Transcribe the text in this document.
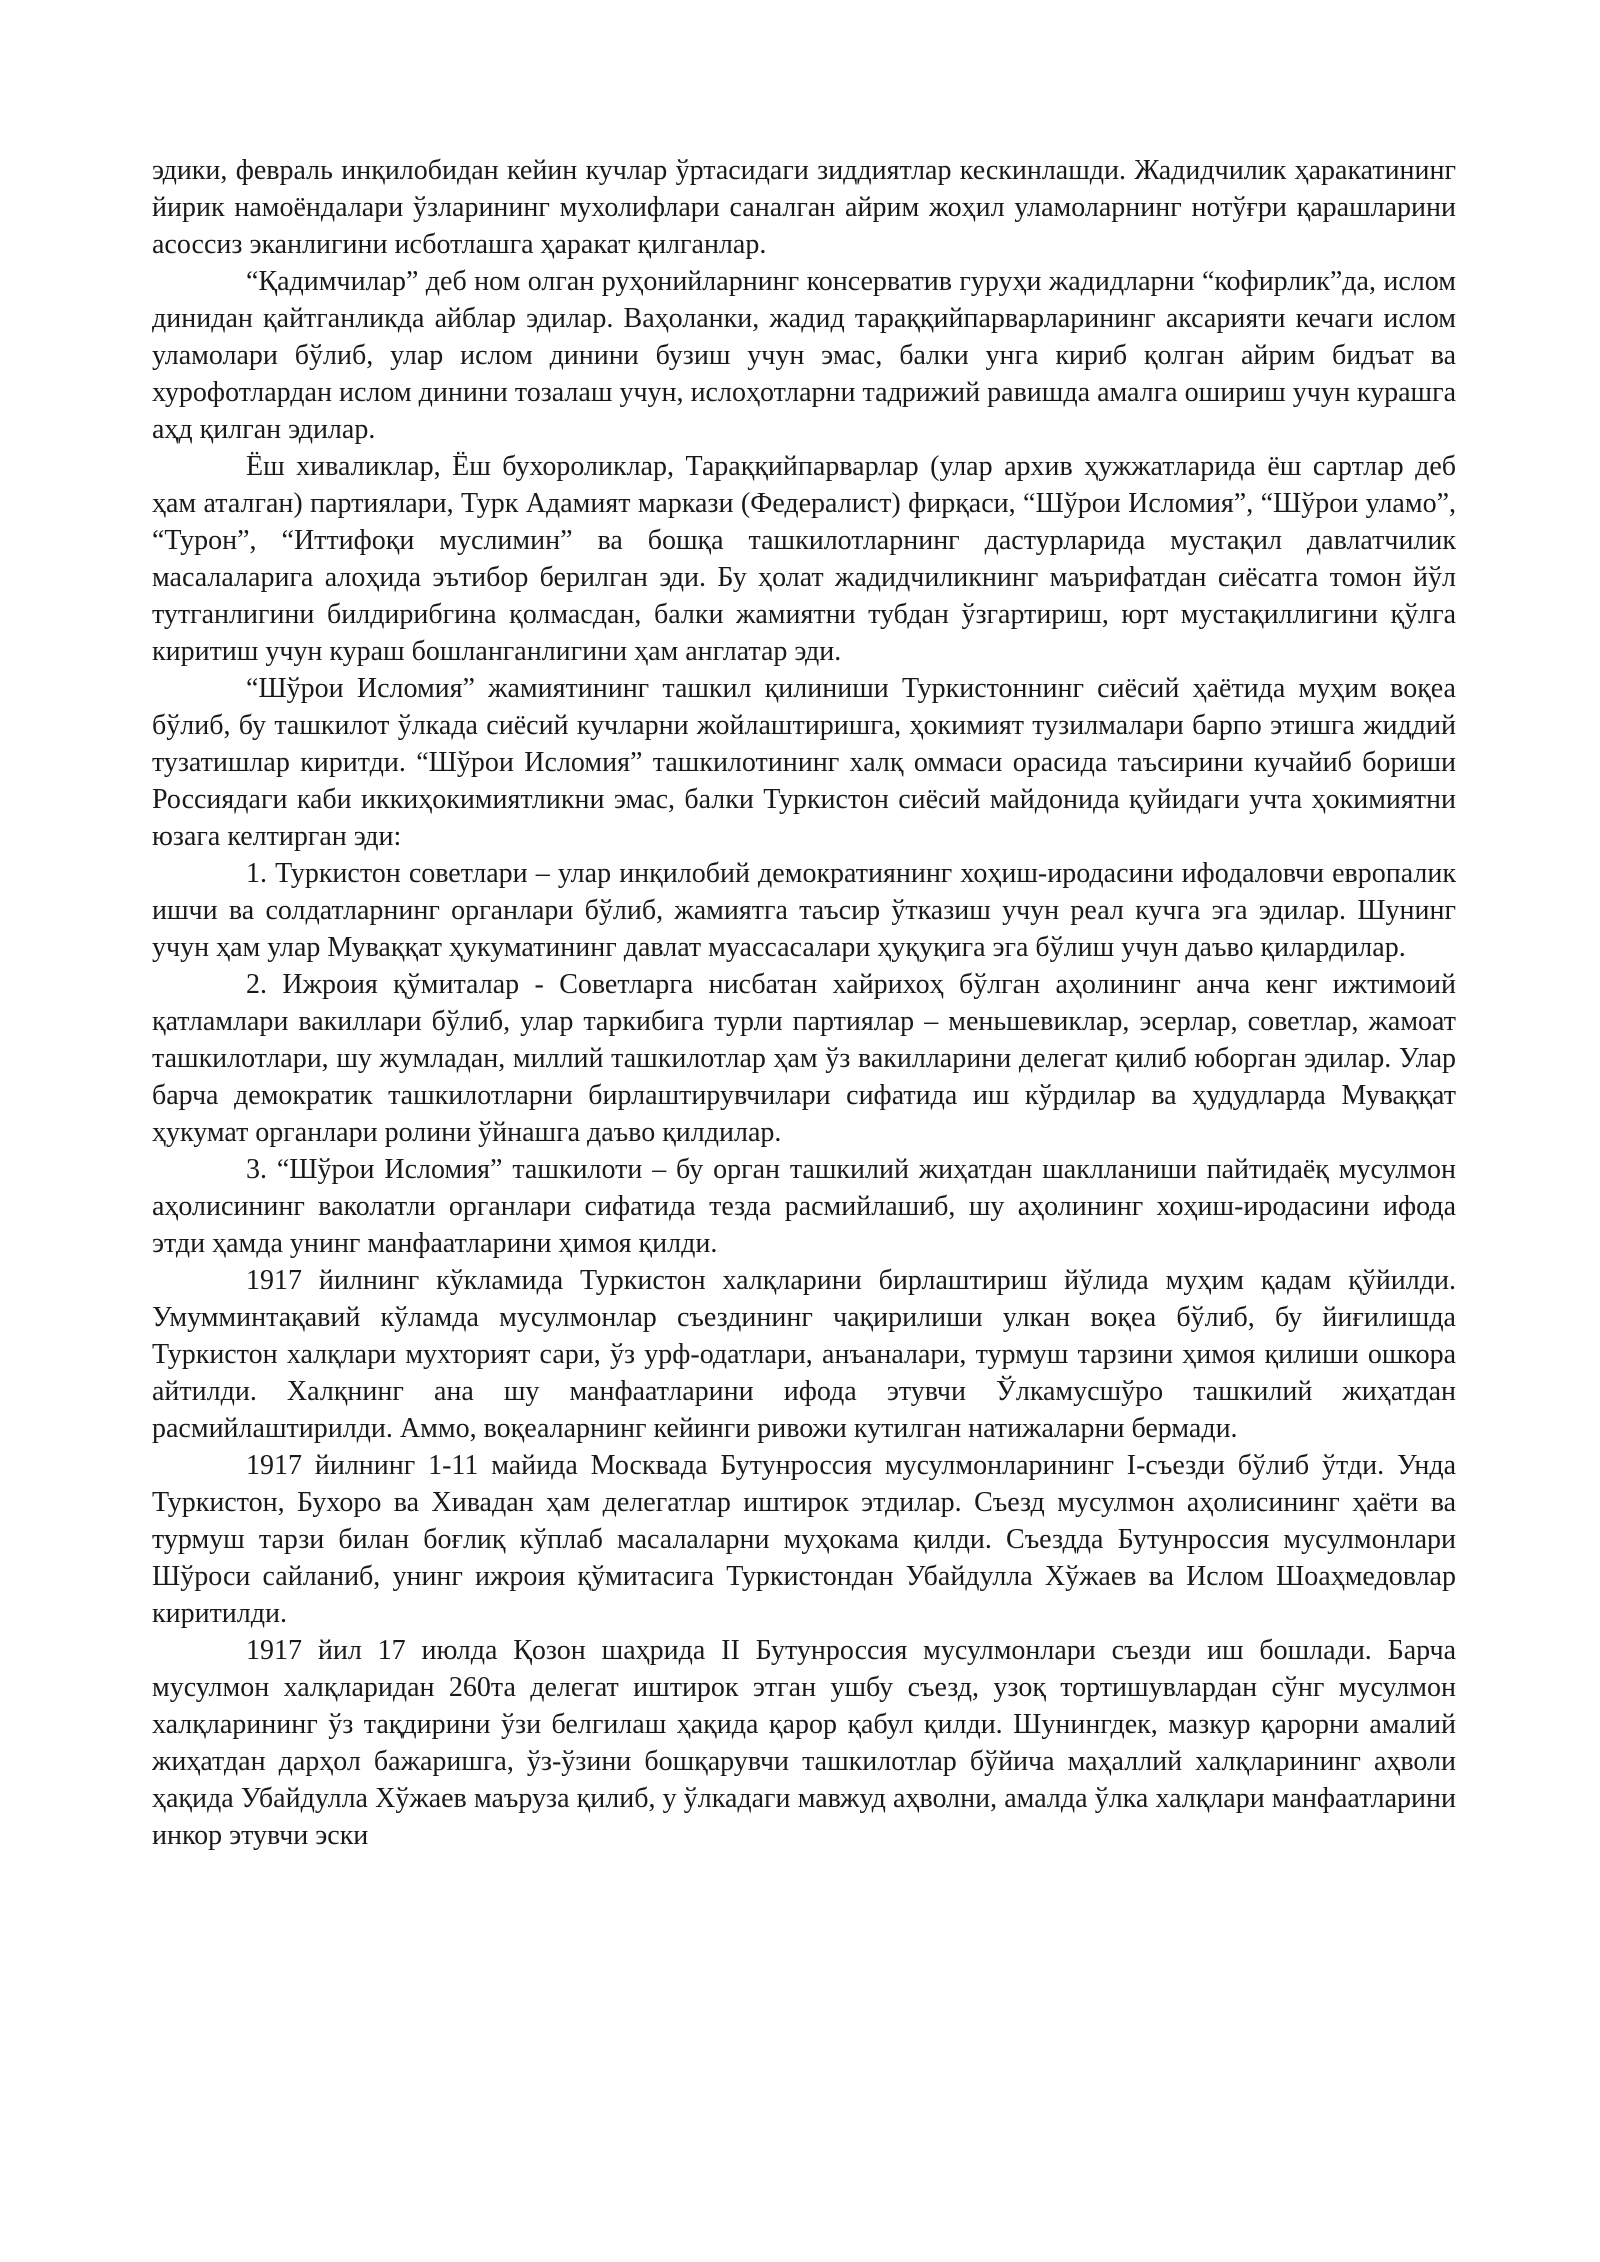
эдики, февраль инқилобидан кейин кучлар ўртасидаги зиддиятлар кескинлашди. Жадидчилик ҳаракатининг йирик намоёндалари ўзларининг мухолифлари саналган айрим жоҳил уламоларнинг нотўғри қарашларини асоссиз эканлигини исботлашга ҳаракат қилганлар.

“Қадимчилар” деб ном олган руҳонийларнинг консерватив гуруҳи жадидларни “кофирлик”да, ислом динидан қайтганликда айблар эдилар. Ваҳоланки, жадид тараққийпарварларининг аксарияти кечаги ислом уламолари бўлиб, улар ислом динини бузиш учун эмас, балки унга кириб қолган айрим бидъат ва хурофотлардан ислом динини тозалаш учун, ислоҳотларни тадрижий равишда амалга ошириш учун курашга аҳд қилган эдилар.

Ёш хиваликлар, Ёш бухороликлар, Тараққийпарварлар (улар архив ҳужжатларида ёш сартлар деб ҳам аталган) партиялари, Турк Адамият маркази (Федералист) фирқаси, “Шўрои Исломия”, “Шўрои уламо”, “Турон”, “Иттифоқи муслимин” ва бошқа ташкилотларнинг дастурларида мустақил давлатчилик масалаларига алоҳида эътибор берилган эди. Бу ҳолат жадидчиликнинг маърифатдан сиёсатга томон йўл тутганлигини билдирибгина қолмасдан, балки жамиятни тубдан ўзгартириш, юрт мустақиллигини қўлга киритиш учун кураш бошланганлигини ҳам англатар эди.

“Шўрои Исломия” жамиятининг ташкил қилиниши Туркистоннинг сиёсий ҳаётида муҳим воқеа бўлиб, бу ташкилот ўлкада сиёсий кучларни жойлаштиришга, ҳокимият тузилмалари барпо этишга жиддий тузатишлар киритди. “Шўрои Исломия” ташкилотининг халқ оммаси орасида таъсирини кучайиб бориши Россиядаги каби иккиҳокимиятликни эмас, балки Туркистон сиёсий майдонида қуйидаги учта ҳокимиятни юзага келтирган эди:

1. Туркистон советлари – улар инқилобий демократиянинг хоҳиш-иродасини ифодаловчи европалик ишчи ва солдатларнинг органлари бўлиб, жамиятга таъсир ўтказиш учун реал кучга эга эдилар. Шунинг учун ҳам улар Муваққат ҳукуматининг давлат муассасалари ҳуқуқига эга бўлиш учун даъво қилардилар.

2. Ижроия қўмиталар - Советларга нисбатан хайрихоҳ бўлган аҳолининг анча кенг ижтимоий қатламлари вакиллари бўлиб, улар таркибига турли партиялар – меньшевиклар, эсерлар, советлар, жамоат ташкилотлари, шу жумладан, миллий ташкилотлар ҳам ўз вакилларини делегат қилиб юборган эдилар. Улар барча демократик ташкилотларни бирлаштирувчилари сифатида иш кўрдилар ва ҳудудларда Муваққат ҳукумат органлари ролини ўйнашга даъво қилдилар.

3. “Шўрои Исломия” ташкилоти – бу орган ташкилий жиҳатдан шаклланиши пайтидаёқ мусулмон аҳолисининг ваколатли органлари сифатида тезда расмийлашиб, шу аҳолининг хоҳиш-иродасини ифода этди ҳамда унинг манфаатларини ҳимоя қилди.

1917 йилнинг кўкламида Туркистон халқларини бирлаштириш йўлида муҳим қадам қўйилди. Умумминтақавий кўламда мусулмонлар съездининг чақирилиши улкан воқеа бўлиб, бу йиғилишда Туркистон халқлари мухторият сари, ўз урф-одатлари, анъаналари, турмуш тарзини ҳимоя қилиши ошкора айтилди. Халқнинг ана шу манфаатларини ифода этувчи Ўлкамусшўро ташкилий жиҳатдан расмийлаштирилди. Аммо, воқеаларнинг кейинги ривожи кутилган натижаларни бермади.

1917 йилнинг 1-11 майида Москвада Бутунроссия мусулмонларининг I-съезди бўлиб ўтди. Унда Туркистон, Бухоро ва Хивадан ҳам делегатлар иштирок этдилар. Съезд мусулмон аҳолисининг ҳаёти ва турмуш тарзи билан боғлиқ кўплаб масалаларни муҳокама қилди. Съездда Бутунроссия мусулмонлари Шўроси сайланиб, унинг ижроия қўмитасига Туркистондан Убайдулла Хўжаев ва Ислом Шоаҳмедовлар киритилди.

1917 йил 17 июлда Қозон шаҳрида II Бутунроссия мусулмонлари съезди иш бошлади. Барча мусулмон халқларидан 260та делегат иштирок этган ушбу съезд, узоқ тортишувлардан сўнг мусулмон халқларининг ўз тақдирини ўзи белгилаш ҳақида қарор қабул қилди. Шунингдек, мазкур қарорни амалий жиҳатдан дарҳол бажаришга, ўз-ўзини бошқарувчи ташкилотлар бўйича маҳаллий халқларининг аҳволи ҳақида Убайдулла Хўжаев маъруза қилиб, у ўлкадаги мавжуд аҳволни, амалда ўлка халқлари манфаатларини инкор этувчи эски
